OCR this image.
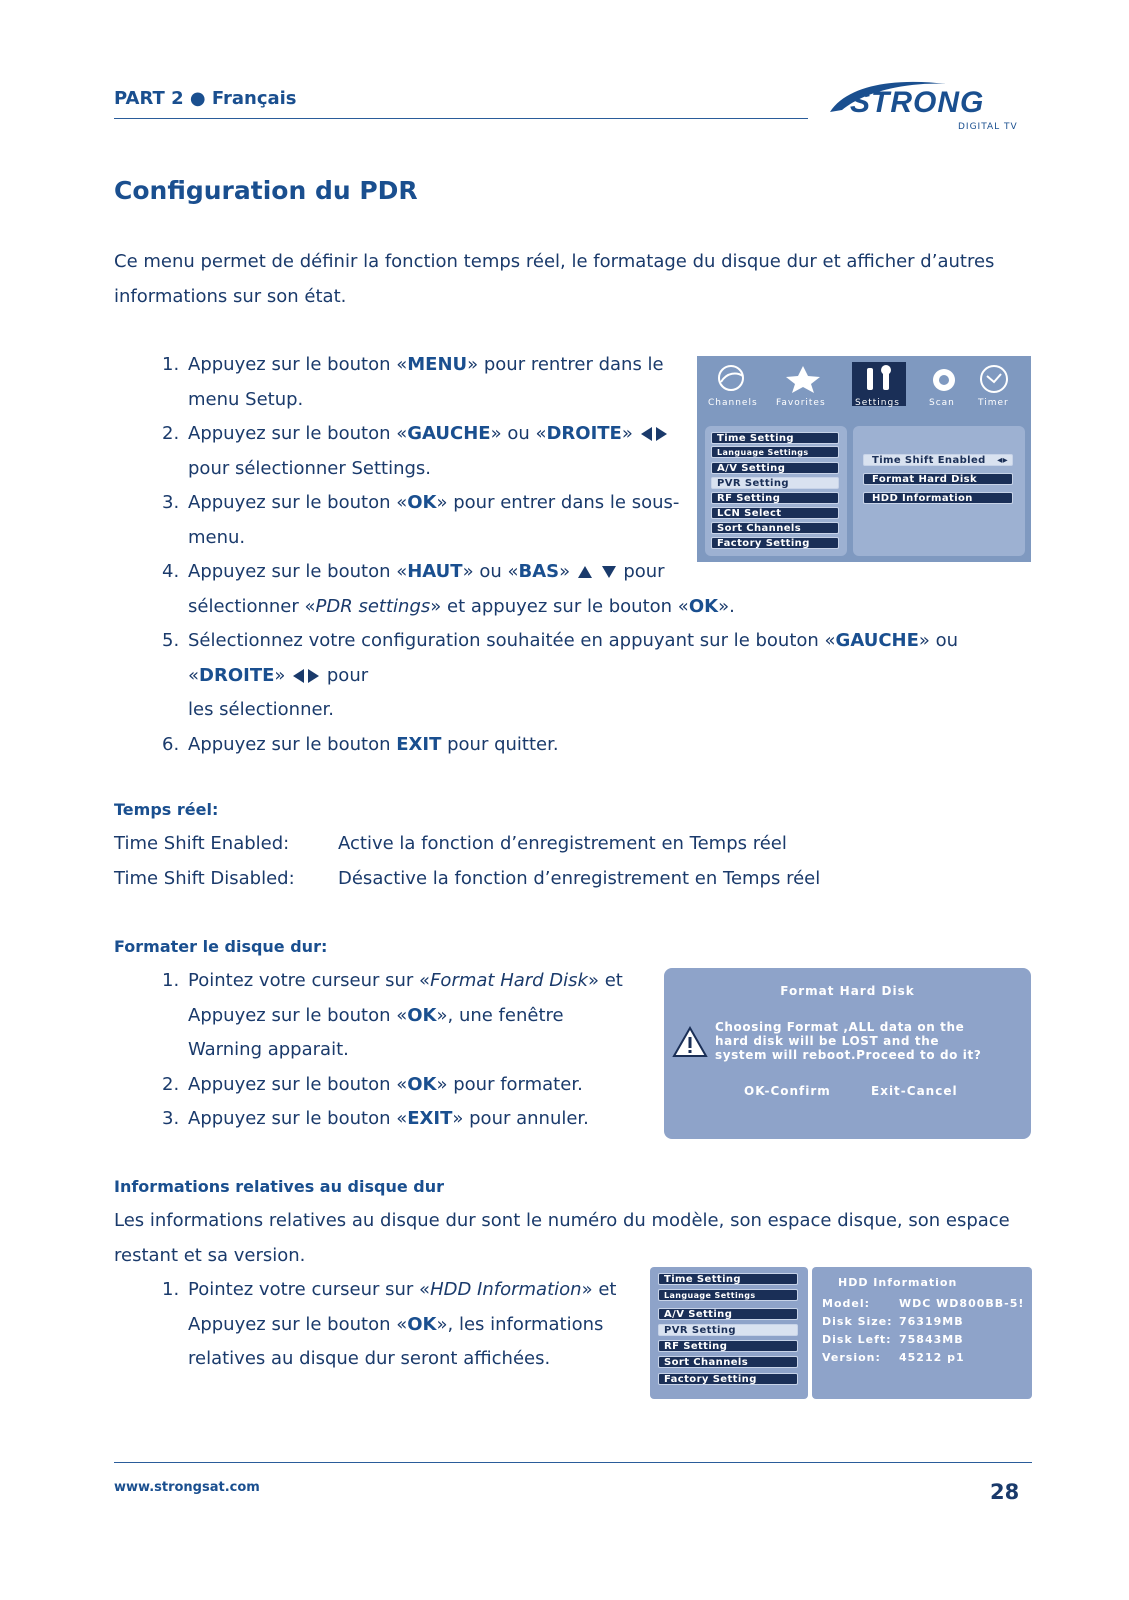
PART 2 ● Français	STRONG
DIGITAL TV
Configuration du PDR
Ce menu permet de définir la fonction temps réel, le formatage du disque dur et afficher d’autres
informations sur son état.
1. Appuyez sur le bouton «MENU» pour rentrer dans le
menu Setup.
2. Appuyez sur le bouton «GAUCHE» ou «DROITE»
pour sélectionner Settings.
3. Appuyez sur le bouton «OK» pour entrer dans le sous-
menu.
4. Appuyez sur le bouton «HAUT» ou «BAS»	pour
sélectionner «PDR settings» et appuyez sur le bouton «OK».
5. Sélectionnez votre configuration souhaitée en appuyant sur le bouton «GAUCHE» ou
«DROITE» pour
les sélectionner.
6. Appuyez sur le bouton EXIT pour quitter.
Channels Favorites	Settings	Scan	Timer
Time Setting
Language Settings
A/V Setting
PVR Setting
RF Setting
LCN Select
Sort Channels
Factory Setting
Time Shift Enabled ◂▸
Format Hard Disk
HDD Information
Temps réel:
Time Shift Enabled:	Active la fonction d’enregistrement en Temps réel
Time Shift Disabled: Désactive la fonction d’enregistrement en Temps réel
Formater le disque dur:
1. Pointez votre curseur sur «Format Hard Disk» et
Appuyez sur le bouton «OK», une fenêtre
Warning apparait.
2. Appuyez sur le bouton «OK» pour formater.
3. Appuyez sur le bouton «EXIT» pour annuler.
Format Hard Disk
Choosing Format ,ALL data on the
hard disk will be LOST and the
system will reboot.Proceed to do it?
OK-Confirm	Exit-Cancel
Informations relatives au disque dur
Les informations relatives au disque dur sont le numéro du modèle, son espace disque, son espace
restant et sa version.
1. Pointez votre curseur sur «HDD Information» et
Appuyez sur le bouton «OK», les informations
relatives au disque dur seront affichées.
Time Setting
Language Settings
A/V Setting
PVR Setting
RF Setting
Sort Channels
Factory Setting
HDD Information
Model:	WDC WD800BB-5!
Disk Size: 76319MB
Disk Left: 75843MB
Version: 45212 p1
www.strongsat.com	28
